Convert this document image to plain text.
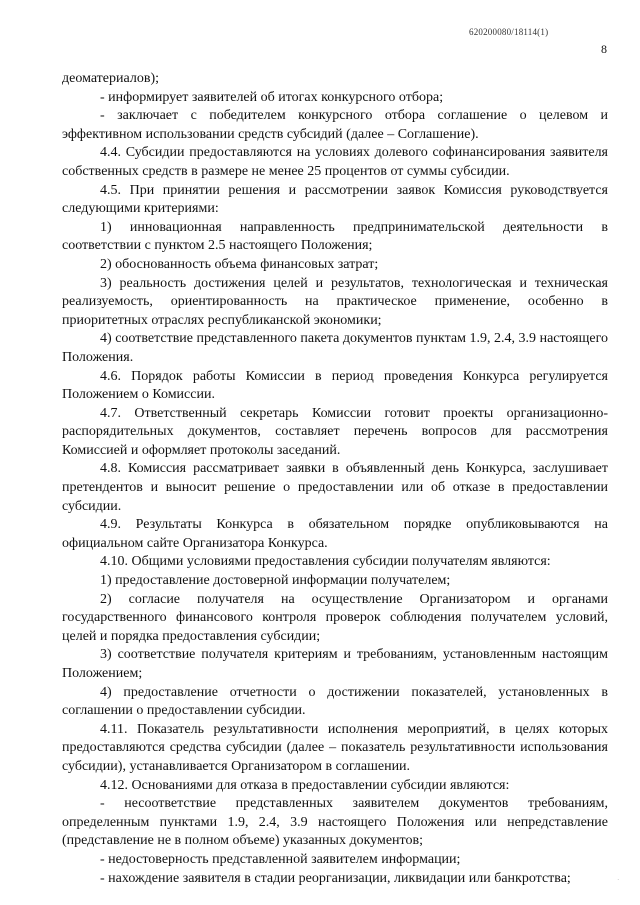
620200080/18114(1)
8

деоматериалов);

- информирует заявителей об итогах конкурсного отбора;

- заключает с победителем конкурсного отбора соглашение о целевом и эффективном использовании средств субсидий (далее – Соглашение).

4.4. Субсидии предоставляются на условиях долевого софинансирования заявителя собственных средств в размере не менее 25 процентов от суммы субсидии.

4.5. При принятии решения и рассмотрении заявок Комиссия руководствуется следующими критериями:

1) инновационная направленность предпринимательской деятельности в соответствии с пунктом 2.5 настоящего Положения;

2) обоснованность объема финансовых затрат;

3) реальность достижения целей и результатов, технологическая и техническая реализуемость, ориентированность на практическое применение, особенно в приоритетных отраслях республиканской экономики;

4) соответствие представленного пакета документов пунктам 1.9, 2.4, 3.9 настоящего Положения.

4.6. Порядок работы Комиссии в период проведения Конкурса регулируется Положением о Комиссии.

4.7. Ответственный секретарь Комиссии готовит проекты организационно-распорядительных документов, составляет перечень вопросов для рассмотрения Комиссией и оформляет протоколы заседаний.

4.8. Комиссия рассматривает заявки в объявленный день Конкурса, заслушивает претендентов и выносит решение о предоставлении или об отказе в предоставлении субсидии.

4.9. Результаты Конкурса в обязательном порядке опубликовываются на официальном сайте Организатора Конкурса.

4.10. Общими условиями предоставления субсидии получателям являются:

1) предоставление достоверной информации получателем;

2) согласие получателя на осуществление Организатором и органами государственного финансового контроля проверок соблюдения получателем условий, целей и порядка предоставления субсидии;

3) соответствие получателя критериям и требованиям, установленным настоящим Положением;

4) предоставление отчетности о достижении показателей, установленных в соглашении о предоставлении субсидии.

4.11. Показатель результативности исполнения мероприятий, в целях которых предоставляются средства субсидии (далее – показатель результативности использования субсидии), устанавливается Организатором в соглашении.

4.12. Основаниями для отказа в предоставлении субсидии являются:

- несоответствие представленных заявителем документов требованиям, определенным пунктами 1.9, 2.4, 3.9 настоящего Положения или непредставление (представление не в полном объеме) указанных документов;

- недостоверность представленной заявителем информации;

- нахождение заявителя в стадии реорганизации, ликвидации или банкротства;	˙
